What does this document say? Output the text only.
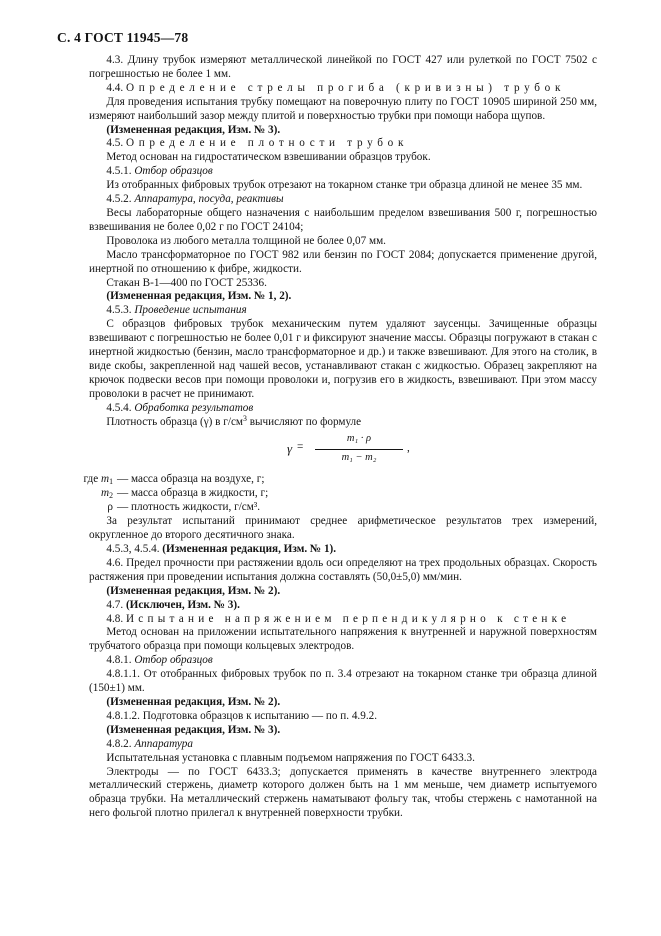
С. 4 ГОСТ 11945—78

4.3. Длину трубок измеряют металлической линейкой по ГОСТ 427 или рулеткой по ГОСТ 7502 с погрешностью не более 1 мм.

4.4. Определение стрелы прогиба (кривизны) трубок

Для проведения испытания трубку помещают на поверочную плиту по ГОСТ 10905 шириной 250 мм, измеряют наибольший зазор между плитой и поверхностью трубки при помощи набора щупов.

(Измененная редакция, Изм. № 3).

4.5. Определение плотности трубок

Метод основан на гидростатическом взвешивании образцов трубок.

4.5.1. Отбор образцов

Из отобранных фибровых трубок отрезают на токарном станке три образца длиной не менее 35 мм.

4.5.2. Аппаратура, посуда, реактивы

Весы лабораторные общего назначения с наибольшим пределом взвешивания 500 г, погрешностью взвешивания не более 0,02 г по ГОСТ 24104;

Проволока из любого металла толщиной не более 0,07 мм.

Масло трансформаторное по ГОСТ 982 или бензин по ГОСТ 2084; допускается применение другой, инертной по отношению к фибре, жидкости.

Стакан В-1—400 по ГОСТ 25336.

(Измененная редакция, Изм. № 1, 2).

4.5.3. Проведение испытания

С образцов фибровых трубок механическим путем удаляют заусенцы. Зачищенные образцы взвешивают с погрешностью не более 0,01 г и фиксируют значение массы. Образцы погружают в стакан с инертной жидкостью (бензин, масло трансформаторное и др.) и также взвешивают. Для этого на столик, в виде скобы, закрепленной над чашей весов, устанавливают стакан с жидкостью. Образец закрепляют на крючок подвески весов при помощи проволоки и, погрузив его в жидкость, взвешивают. При этом массу проволоки в расчет не принимают.

4.5.4. Обработка результатов

Плотность образца (γ) в $г/см^3$ вычисляют по формуле

γ =
m₁ · ρ
m₁ − m₂
,
где $m_1$ — масса образца на воздухе, г;
$m_2$ — масса образца в жидкости, г;
ρ — плотность жидкости, г/см³.

За результат испытаний принимают среднее арифметическое результатов трех измерений, округленное до второго десятичного знака.

4.5.3, 4.5.4. (Измененная редакция, Изм. № 1).

4.6. Предел прочности при растяжении вдоль оси определяют на трех продольных образцах. Скорость растяжения при проведении испытания должна составлять (50,0±5,0) мм/мин.

(Измененная редакция, Изм. № 2).

4.7. (Исключен, Изм. № 3).

4.8. Испытание напряжением перпендикулярно к стенке

Метод основан на приложении испытательного напряжения к внутренней и наружной поверхностям трубчатого образца при помощи кольцевых электродов.

4.8.1. Отбор образцов

4.8.1.1. От отобранных фибровых трубок по п. 3.4 отрезают на токарном станке три образца длиной (150±1) мм.

(Измененная редакция, Изм. № 2).

4.8.1.2. Подготовка образцов к испытанию — по п. 4.9.2.

(Измененная редакция, Изм. № 3).

4.8.2. Аппаратура

Испытательная установка с плавным подъемом напряжения по ГОСТ 6433.3.

Электроды — по ГОСТ 6433.3; допускается применять в качестве внутреннего электрода металлический стержень, диаметр которого должен быть на 1 мм меньше, чем диаметр испытуемого образца трубки. На металлический стержень наматывают фольгу так, чтобы стержень с намотанной на него фольгой плотно прилегал к внутренней поверхности трубки.
